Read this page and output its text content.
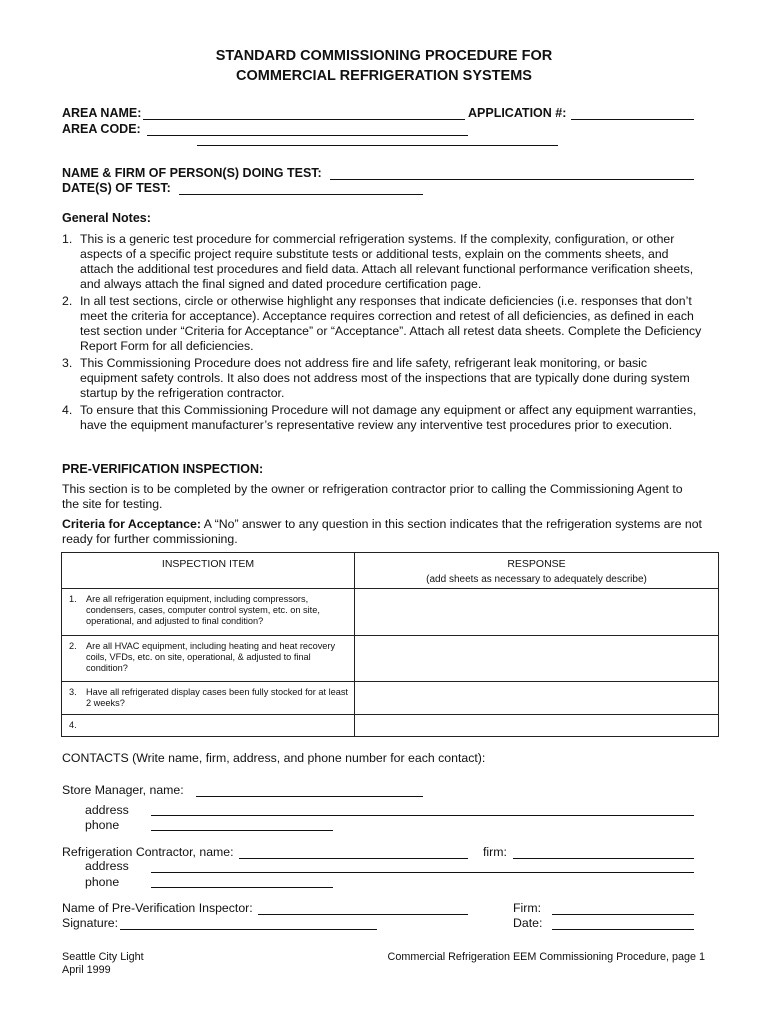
STANDARD COMMISSIONING PROCEDURE FOR
COMMERCIAL REFRIGERATION SYSTEMS
AREA NAME:	APPLICATION #:
AREA CODE:
NAME & FIRM OF PERSON(S) DOING TEST:
DATE(S) OF TEST:
General Notes:
1. This is a generic test procedure for commercial refrigeration systems. If the complexity, configuration, or other aspects of a specific project require substitute tests or additional tests, explain on the comments sheets, and attach the additional test procedures and field data. Attach all relevant functional performance verification sheets, and always attach the final signed and dated procedure certification page.
2. In all test sections, circle or otherwise highlight any responses that indicate deficiencies (i.e. responses that don’t meet the criteria for acceptance). Acceptance requires correction and retest of all deficiencies, as defined in each test section under “Criteria for Acceptance” or “Acceptance”. Attach all retest data sheets. Complete the Deficiency Report Form for all deficiencies.
3. This Commissioning Procedure does not address fire and life safety, refrigerant leak monitoring, or basic equipment safety controls. It also does not address most of the inspections that are typically done during system startup by the refrigeration contractor.
4. To ensure that this Commissioning Procedure will not damage any equipment or affect any equipment warranties, have the equipment manufacturer’s representative review any interventive test procedures prior to execution.
PRE-VERIFICATION INSPECTION:
This section is to be completed by the owner or refrigeration contractor prior to calling the Commissioning Agent to the site for testing.
Criteria for Acceptance: A “No” answer to any question in this section indicates that the refrigeration systems are not ready for further commissioning.
INSPECTION ITEM	RESPONSE
(add sheets as necessary to adequately describe)

1. Are all refrigeration equipment, including compressors, condensers, cases, computer control system, etc. on site, operational, and adjusted to final condition?	

2. Are all HVAC equipment, including heating and heat recovery coils, VFDs, etc. on site, operational, & adjusted to final condition?	

3. Have all refrigerated display cases been fully stocked for at least 2 weeks?	

4.	

CONTACTS (Write name, firm, address, and phone number for each contact):
Store Manager, name:
address
phone
Refrigeration Contractor, name:	firm:
address
phone
Name of Pre-Verification Inspector:	Firm:
Signature:	Date:
Seattle City Light
April 1999
Commercial Refrigeration EEM Commissioning Procedure, page 1
